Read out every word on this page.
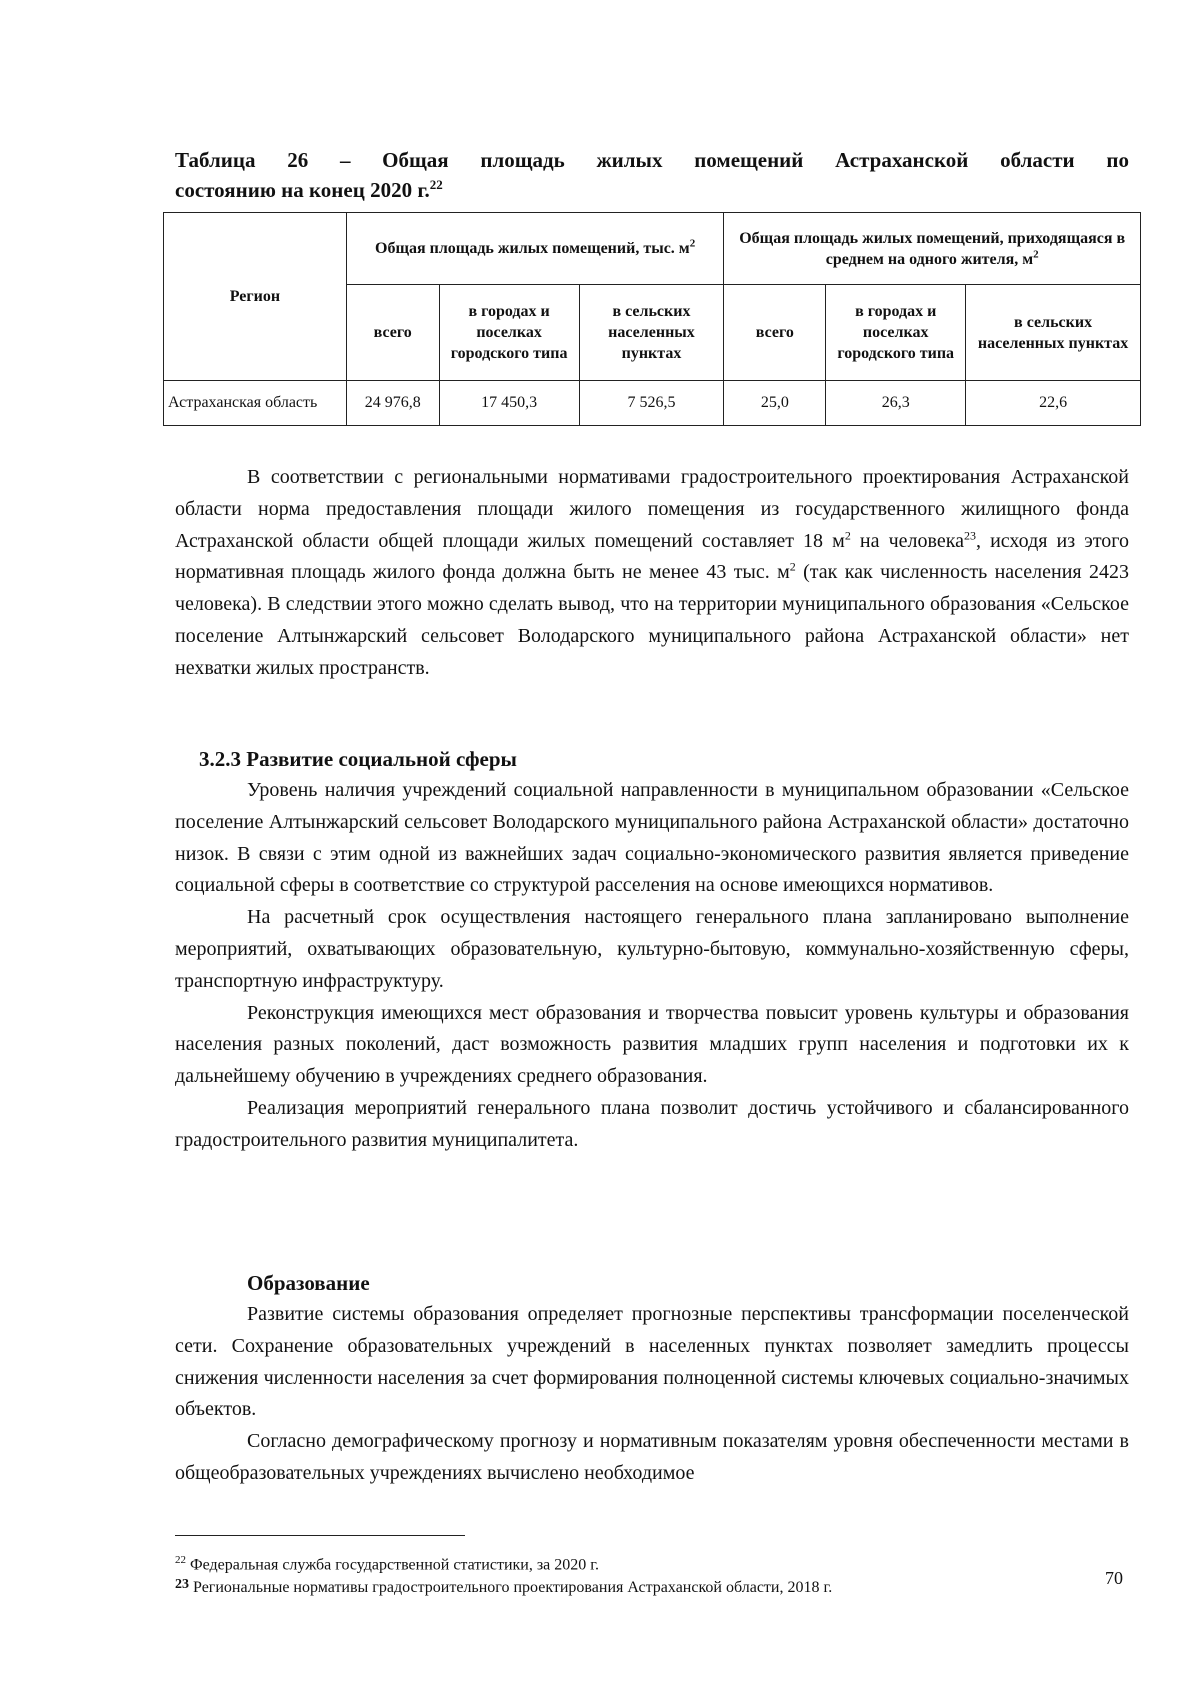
Таблица 26 – Общая площадь жилых помещений Астраханской области по
состоянию на конец 2020 г.$^{22}$
Регион	Общая площадь жилых помещений, тыс. $м^2$			Общая площадь жилых помещений, приходящаяся в среднем на одного жителя, $м^2$
	всего	в городах и поселках городского типа	в сельских населенных пунктах	всего	в городах и поселках городского типа	в сельских населенных пунктах
Астраханская область	24 976,8	17 450,3	7 526,5	25,0	26,3	22,6

В соответствии с региональными нормативами градостроительного проектирования Астраханской области норма предоставления площади жилого помещения из государственного жилищного фонда Астраханской области общей площади жилых помещений составляет 18 $м^2$ на человека$^{23}$, исходя из этого нормативная площадь жилого фонда должна быть не менее 43 тыс. $м^2$ (так как численность населения 2423 человека). В следствии этого можно сделать вывод, что на территории муниципального образования «Сельское поселение Алтынжарский сельсовет Володарского муниципального района Астраханской области» нет нехватки жилых пространств.

3.2.3 Развитие социальной сферы

Уровень наличия учреждений социальной направленности в муниципальном образовании «Сельское поселение Алтынжарский сельсовет Володарского муниципального района Астраханской области» достаточно низок. В связи с этим одной из важнейших задач социально-экономического развития является приведение социальной сферы в соответствие со структурой расселения на основе имеющихся нормативов.

На расчетный срок осуществления настоящего генерального плана запланировано выполнение мероприятий, охватывающих образовательную, культурно-бытовую, коммунально-хозяйственную сферы, транспортную инфраструктуру.

Реконструкция имеющихся мест образования и творчества повысит уровень культуры и образования населения разных поколений, даст возможность развития младших групп населения и подготовки их к дальнейшему обучению в учреждениях среднего образования.

Реализация мероприятий генерального плана позволит достичь устойчивого и сбалансированного градостроительного развития муниципалитета.

Образование

Развитие системы образования определяет прогнозные перспективы трансформации поселенческой сети. Сохранение образовательных учреждений в населенных пунктах позволяет замедлить процессы снижения численности населения за счет формирования полноценной системы ключевых социально-значимых объектов.

Согласно демографическому прогнозу и нормативным показателям уровня обеспеченности местами в общеобразовательных учреждениях вычислено необходимое

$^{22}$ Федеральная служба государственной статистики, за 2020 г.
23 Региональные нормативы градостроительного проектирования Астраханской области, 2018 г.	70
